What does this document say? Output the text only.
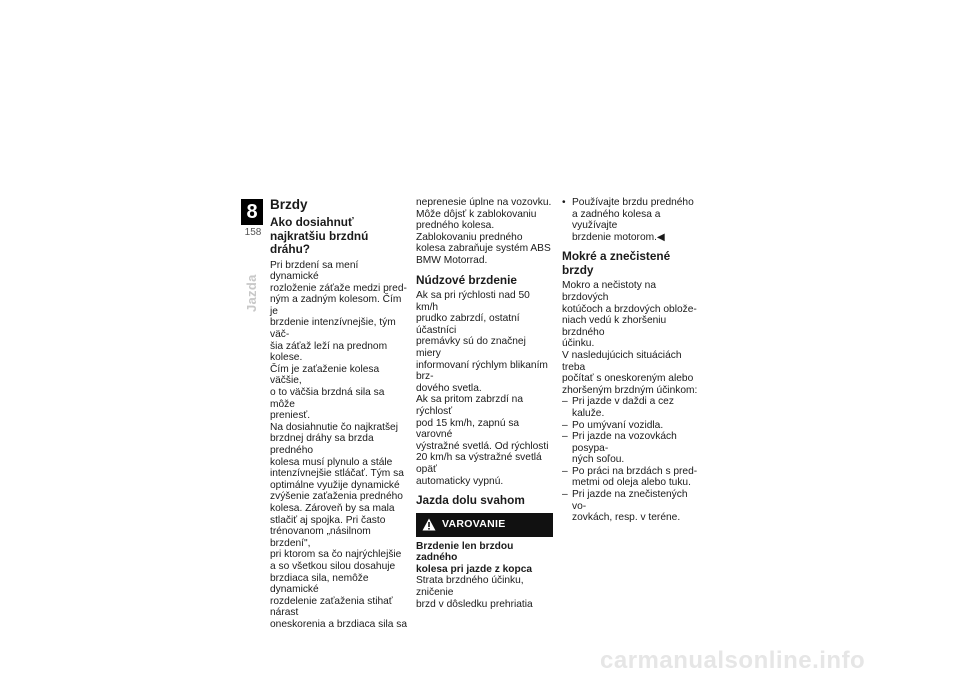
8
158
Jazda
Brzdy
Ako dosiahnuť najkratšiu brzdnú dráhu?

Pri brzdení sa mení dynamické
rozloženie záťaže medzi pred-
ným a zadným kolesom. Čím je
brzdenie intenzívnejšie, tým väč-
šia záťaž leží na prednom kolese.
Čím je zaťaženie kolesa väčšie,
o to väčšia brzdná sila sa môže
preniesť.
Na dosiahnutie čo najkratšej
brzdnej dráhy sa brzda predného
kolesa musí plynulo a stále
intenzívnejšie stláčať. Tým sa
optimálne využije dynamické
zvýšenie zaťaženia predného
kolesa. Zároveň by sa mala
stlačiť aj spojka. Pri často
trénovanom „násilnom brzdení",
pri ktorom sa čo najrýchlejšie
a so všetkou silou dosahuje
brzdiaca sila, nemôže dynamické
rozdelenie zaťaženia stihať nárast
oneskorenia a brzdiaca sila sa

neprenesie úplne na vozovku.
Môže dôjsť k zablokovaniu
predného kolesa.
Zablokovaniu predného
kolesa zabraňuje systém ABS
BMW Motorrad.

Núdzové brzdenie

Ak sa pri rýchlosti nad 50 km/h
prudko zabrzdí, ostatní účastníci
premávky sú do značnej miery
informovaní rýchlym blikaním brz-
dového svetla.
Ak sa pritom zabrzdí na rýchlosť
pod 15 km/h, zapnú sa varovné
výstražné svetlá. Od rýchlosti
20 km/h sa výstražné svetlá opäť
automaticky vypnú.

Jazda dolu svahom
VAROVANIE

Brzdenie len brzdou zadného
kolesa pri jazde z kopca

Strata brzdného účinku, zničenie
brzd v dôsledku prehriatia

• Používajte brzdu predného
a zadného kolesa a využívajte
brzdenie motorom.◀
Mokré a znečistené brzdy

Mokro a nečistoty na brzdových
kotúčoch a brzdových oblože-
niach vedú k zhoršeniu brzdného
účinku.
V nasledujúcich situáciách treba
počítať s oneskoreným alebo
zhoršeným brzdným účinkom:

– Pri jazde v daždi a cez kaluže.
– Po umývaní vozidla.
– Pri jazde na vozovkách posypa-
ných soľou.
– Po práci na brzdách s pred-
metmi od oleja alebo tuku.
– Pri jazde na znečistených vo-
zovkách, resp. v teréne.
carmanualsonline.info
